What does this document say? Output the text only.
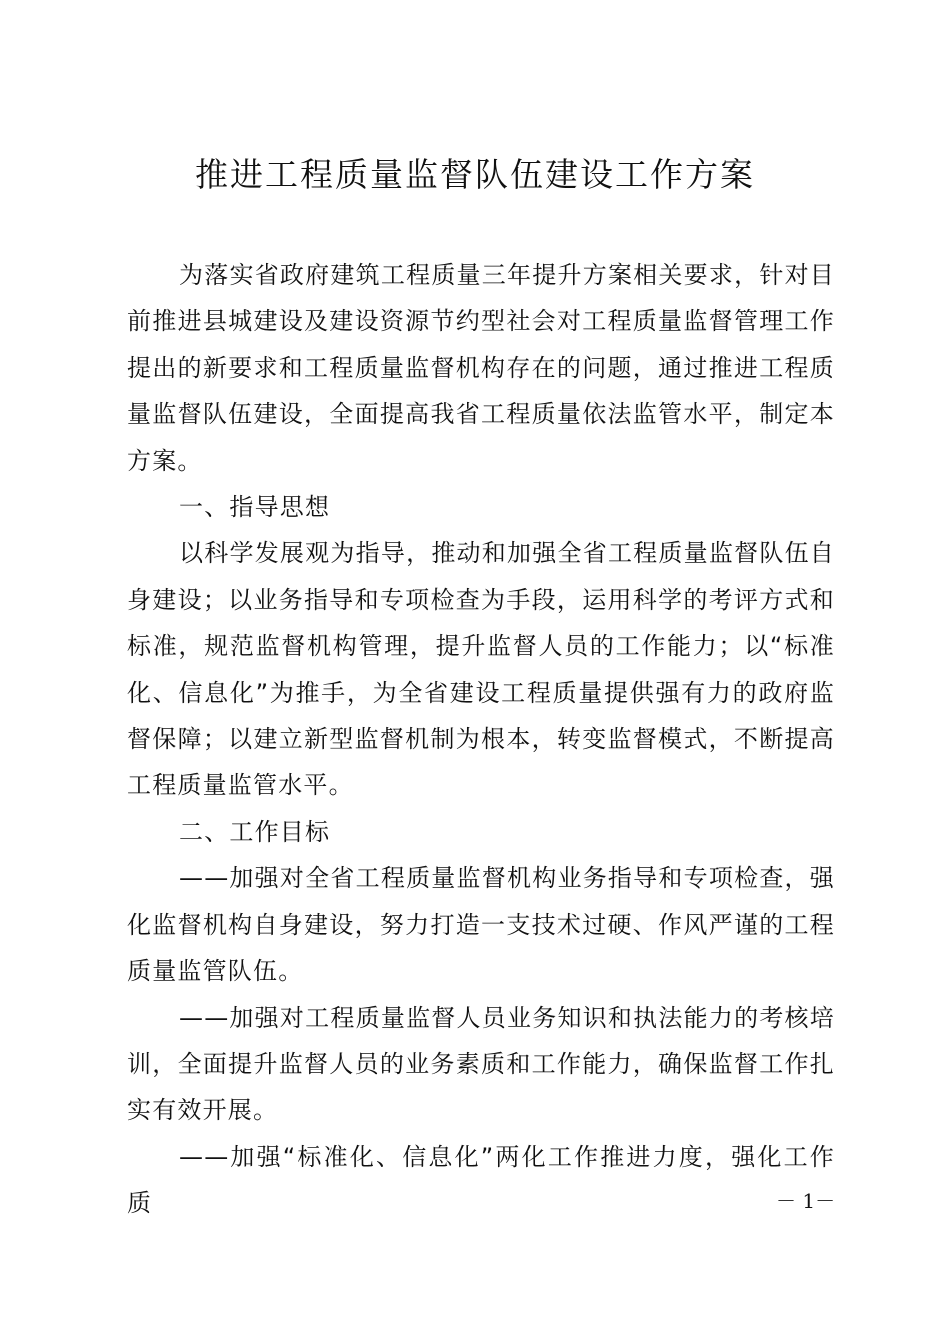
推进工程质量监督队伍建设工作方案

为落实省政府建筑工程质量三年提升方案相关要求，针对目前推进县城建设及建设资源节约型社会对工程质量监督管理工作提出的新要求和工程质量监督机构存在的问题，通过推进工程质量监督队伍建设，全面提高我省工程质量依法监管水平，制定本方案。

一、指导思想

以科学发展观为指导，推动和加强全省工程质量监督队伍自身建设；以业务指导和专项检查为手段，运用科学的考评方式和标准，规范监督机构管理，提升监督人员的工作能力；以“标准化、信息化”为推手，为全省建设工程质量提供强有力的政府监督保障；以建立新型监督机制为根本，转变监督模式，不断提高工程质量监管水平。

二、工作目标

——加强对全省工程质量监督机构业务指导和专项检查，强化监督机构自身建设，努力打造一支技术过硬、作风严谨的工程质量监管队伍。

——加强对工程质量监督人员业务知识和执法能力的考核培训，全面提升监督人员的业务素质和工作能力，确保监督工作扎实有效开展。

——加强“标准化、信息化”两化工作推进力度，强化工作质	－ 1－
